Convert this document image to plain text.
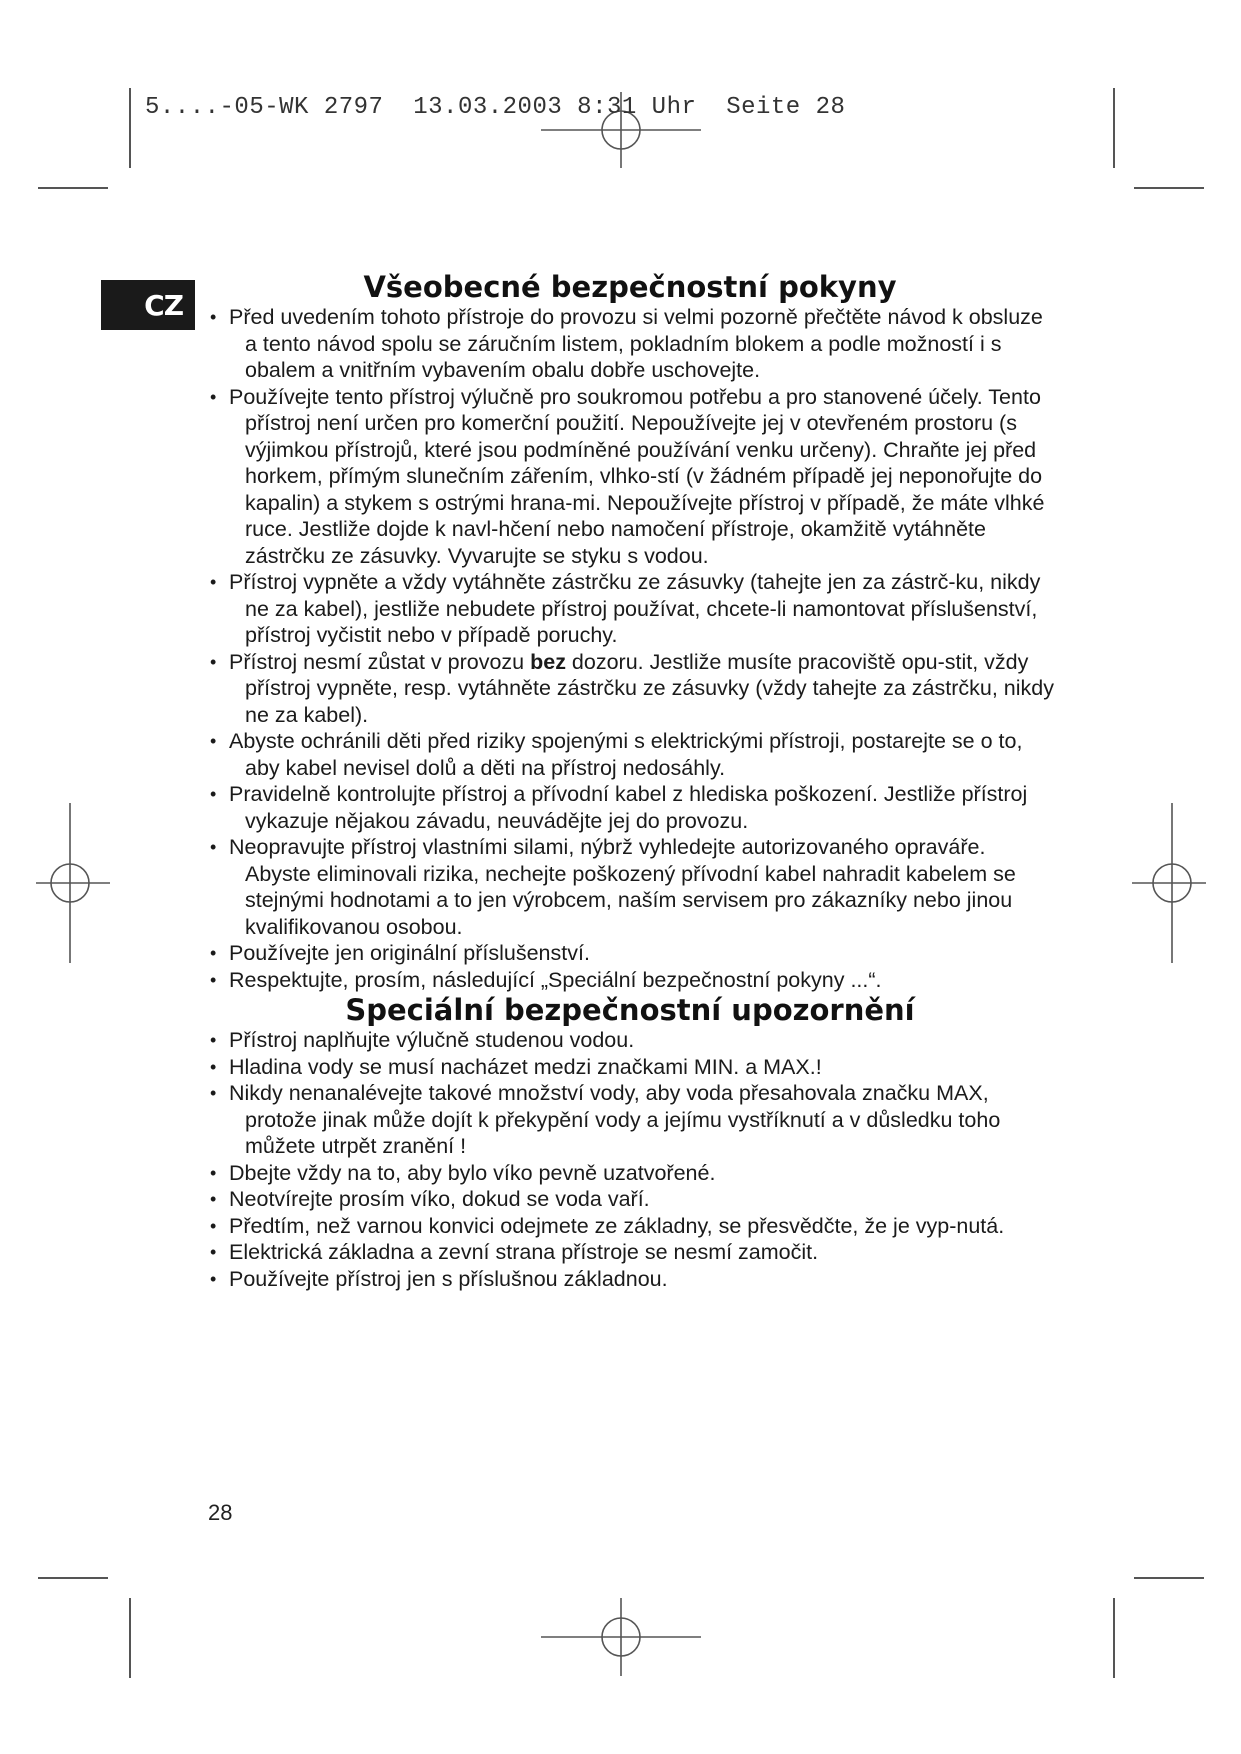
5....-05-WK 2797  13.03.2003 8:31 Uhr  Seite 28
CZ
Všeobecné bezpečnostní pokyny
• Před uvedením tohoto přístroje do provozu si velmi pozorně přečtěte návod k obsluze a tento návod spolu se záručním listem, pokladním blokem a podle možností i s obalem a vnitřním vybavením obalu dobře uschovejte.
• Používejte tento přístroj výlučně pro soukromou potřebu a pro stanovené účely. Tento přístroj není určen pro komerční použití. Nepoužívejte jej v otevřeném prostoru (s výjimkou přístrojů, které jsou podmíněné používání venku určeny). Chraňte jej před horkem, přímým slunečním zářením, vlhko-stí (v žádném případě jej neponořujte do kapalin) a stykem s ostrými hrana-mi. Nepoužívejte přístroj v případě, že máte vlhké ruce. Jestliže dojde k navl-hčení nebo namočení přístroje, okamžitě vytáhněte zástrčku ze zásuvky. Vyvarujte se styku s vodou.
• Přístroj vypněte a vždy vytáhněte zástrčku ze zásuvky (tahejte jen za zástrč-ku, nikdy ne za kabel), jestliže nebudete přístroj používat, chcete-li namontovat příslušenství, přístroj vyčistit nebo v případě poruchy.
• Přístroj nesmí zůstat v provozu bez dozoru. Jestliže musíte pracoviště opu-stit, vždy přístroj vypněte, resp. vytáhněte zástrčku ze zásuvky (vždy tahejte za zástrčku, nikdy ne za kabel).
• Abyste ochránili děti před riziky spojenými s elektrickými přístroji, postarejte se o to, aby kabel nevisel dolů a děti na přístroj nedosáhly.
• Pravidelně kontrolujte přístroj a přívodní kabel z hlediska poškození. Jestliže přístroj vykazuje nějakou závadu, neuvádějte jej do provozu.
• Neopravujte přístroj vlastními silami, nýbrž vyhledejte autorizovaného opraváře. Abyste eliminovali rizika, nechejte poškozený přívodní kabel nahradit kabelem se stejnými hodnotami a to jen výrobcem, naším servisem pro zákazníky nebo jinou kvalifikovanou osobou.
• Používejte jen originální příslušenství.
• Respektujte, prosím, následující „Speciální bezpečnostní pokyny ...“.
Speciální bezpečnostní upozornění
• Přístroj naplňujte výlučně studenou vodou.
• Hladina vody se musí nacházet medzi značkami MIN. a MAX.!
• Nikdy nenanalévejte takové množství vody, aby voda přesahovala značku MAX, protože jinak může dojít k překypění vody a jejímu vystříknutí a v důsledku toho můžete utrpět zranění !
• Dbejte vždy na to, aby bylo víko pevně uzatvořené.
• Neotvírejte prosím víko, dokud se voda vaří.
• Předtím, než varnou konvici odejmete ze základny, se přesvědčte, že je vyp-nutá.
• Elektrická základna a zevní strana přístroje se nesmí zamočit.
• Používejte přístroj jen s příslušnou základnou.
28
